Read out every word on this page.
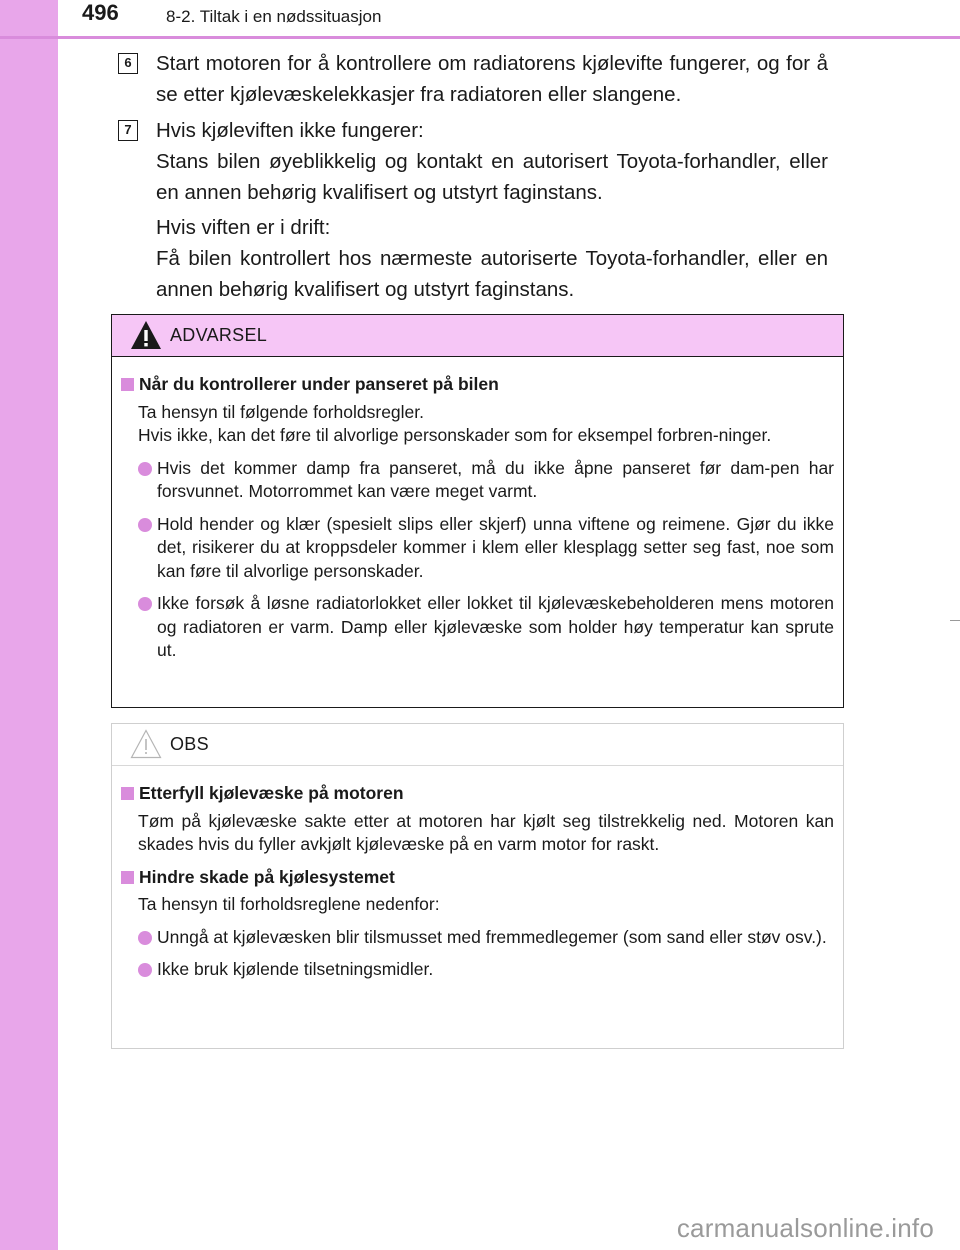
496	8-2. Tiltak i en nødssituasjon
6	Start motoren for å kontrollere om radiatorens kjølevifte fungerer, og for å se etter kjølevæskelekkasjer fra radiatoren eller slangene.

7	Hvis kjøleviften ikke fungerer:

Stans bilen øyeblikkelig og kontakt en autorisert Toyota-forhandler, eller en annen behørig kvalifisert og utstyrt faginstans.

Hvis viften er i drift:

Få bilen kontrollert hos nærmeste autoriserte Toyota-forhandler, eller en annen behørig kvalifisert og utstyrt faginstans.

ADVARSEL
Når du kontrollerer under panseret på bilen
Ta hensyn til følgende forholdsregler.
Hvis ikke, kan det føre til alvorlige personskader som for eksempel forbren-ninger.
Hvis det kommer damp fra panseret, må du ikke åpne panseret før dam-pen har forsvunnet. Motorrommet kan være meget varmt.
Hold hender og klær (spesielt slips eller skjerf) unna viftene og reimene. Gjør du ikke det, risikerer du at kroppsdeler kommer i klem eller klesplagg setter seg fast, noe som kan føre til alvorlige personskader.
Ikke forsøk å løsne radiatorlokket eller lokket til kjølevæskebeholderen mens motoren og radiatoren er varm. Damp eller kjølevæske som holder høy temperatur kan sprute ut.
OBS
Etterfyll kjølevæske på motoren
Tøm på kjølevæske sakte etter at motoren har kjølt seg tilstrekkelig ned. Motoren kan skades hvis du fyller avkjølt kjølevæske på en varm motor for raskt.
Hindre skade på kjølesystemet
Ta hensyn til forholdsreglene nedenfor:
Unngå at kjølevæsken blir tilsmusset med fremmedlegemer (som sand eller støv osv.).
Ikke bruk kjølende tilsetningsmidler.
carmanualsonline.info
